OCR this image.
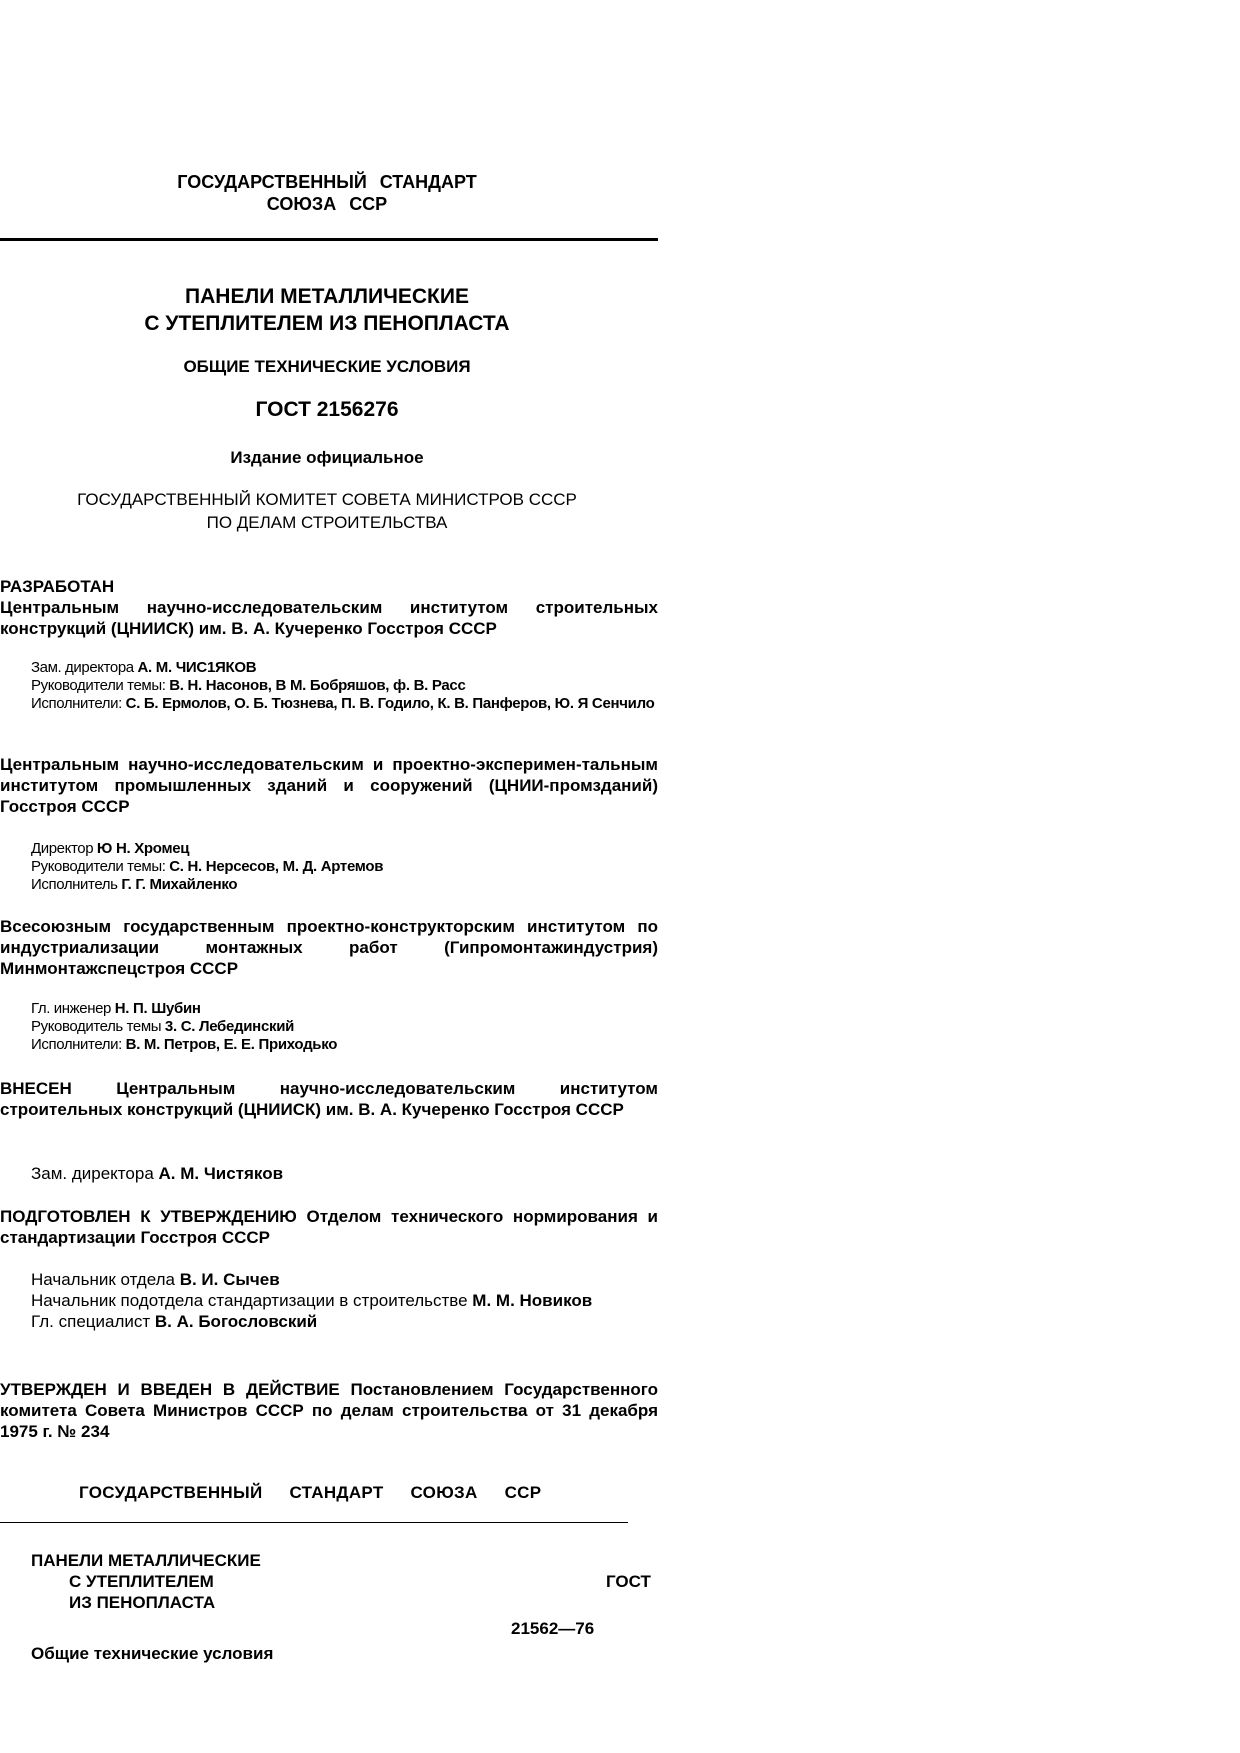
ГОСУДАРСТВЕННЫЙ СТАНДАРТ
СОЮЗА ССР
ПАНЕЛИ МЕТАЛЛИЧЕСКИЕ
С УТЕПЛИТЕЛЕМ ИЗ ПЕНОПЛАСТА
ОБЩИЕ ТЕХНИЧЕСКИЕ УСЛОВИЯ
ГОСТ 2156276
Издание официальное
ГОСУДАРСТВЕННЫЙ КОМИТЕТ СОВЕТА МИНИСТРОВ СССР
ПО ДЕЛАМ СТРОИТЕЛЬСТВА
РАЗРАБОТАН
Центральным научно-исследовательским институтом строительных конструкций (ЦНИИСК) им. В. А. Кучеренко Госстроя СССР
Зам. директора А. М. ЧИС1ЯКОВ
Руководители темы: В. Н. Насонов, В М. Бобряшов, ф. В. Расс
Исполнители: С. Б. Ермолов, О. Б. Тюзнева, П. В. Годило, К. В. Панферов, Ю. Я Сенчило
Центральным научно-исследовательским и проектно-эксперимен-тальным институтом промышленных зданий и сооружений (ЦНИИ-промзданий) Госстроя СССР
Директор Ю Н. Хромец
Руководители темы: С. Н. Нерсесов, М. Д. Артемов
Исполнитель Г. Г. Михайленко
Всесоюзным государственным проектно-конструкторским институтом по индустриализации монтажных работ (Гипромонтажиндустрия) Минмонтажспецстроя СССР
Гл. инженер Н. П. Шубин
Руководитель темы 3. С. Лебединский
Исполнители: В. М. Петров, Е. Е. Приходько
ВНЕСЕН Центральным научно-исследовательским институтом строительных конструкций (ЦНИИСК) им. В. А. Кучеренко Госстроя СССР
Зам. директора А. М. Чистяков
ПОДГОТОВЛЕН К УТВЕРЖДЕНИЮ Отделом технического нормирования и стандартизации Госстроя СССР
Начальник отдела В. И. Сычев
Начальник подотдела стандартизации в строительстве М. М. Новиков
Гл. специалист В. А. Богословский
УТВЕРЖДЕН И ВВЕДЕН В ДЕЙСТВИЕ Постановлением Государственного комитета Совета Министров СССР по делам строительства от 31 декабря 1975 г. № 234
ГОСУДАРСТВЕННЫЙ СТАНДАРТ СОЮЗА ССР
ПАНЕЛИ МЕТАЛЛИЧЕСКИЕ
С УТЕПЛИТЕЛЕМ
ИЗ ПЕНОПЛАСТА
ГОСТ
21562—76
Общие технические условия
